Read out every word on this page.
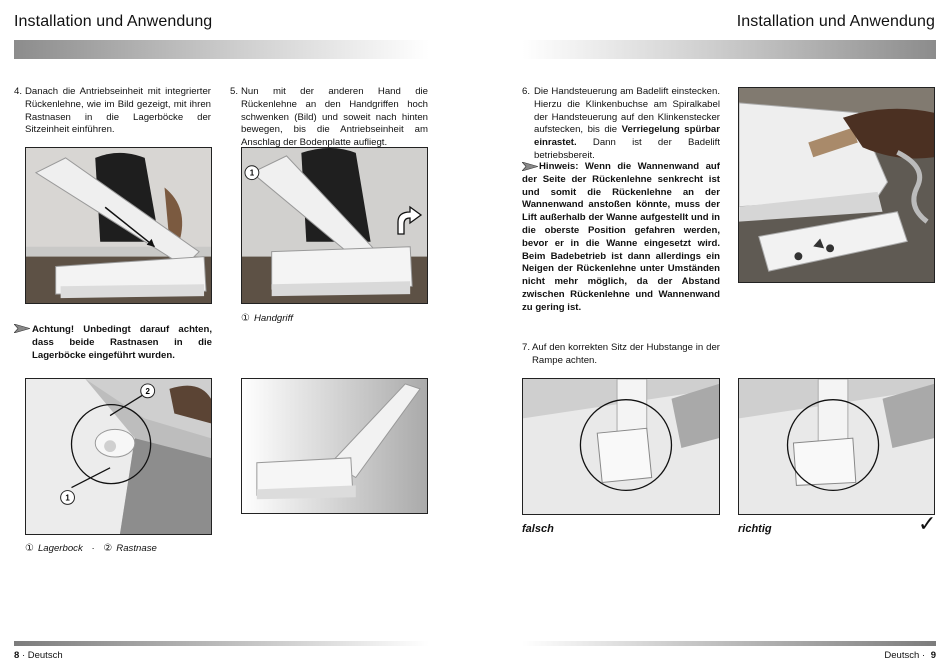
Installation und Anwendung
4. Danach die Antriebseinheit mit integrierter Rückenlehne, wie im Bild gezeigt, mit ihren Rastnasen in die Lagerböcke der Sitzeinheit einführen.
5. Nun mit der anderen Hand die Rückenlehne an den Handgriffen hoch schwenken (Bild) und soweit nach hinten bewegen, bis die Antriebseinheit am Anschlag der Bodenplatte aufliegt.
1
① Handgriff
Achtung! Unbedingt darauf achten, dass beide Rastnasen in die Lagerböcke eingeführt wurden.
2
1
① Lagerbock · ② Rastnase
8 · Deutsch
Installation und Anwendung
6. Die Handsteuerung am Badelift einstecken. Hierzu die Klinkenbuchse am Spiralkabel der Handsteuerung auf den Klinkenstecker aufstecken, bis die Verriegelung spürbar einrastet. Dann ist der Badelift betriebsbereit.
Hinweis: Wenn die Wannenwand auf der Seite der Rückenlehne senkrecht ist und somit die Rückenlehne an der Wannenwand anstoßen könnte, muss der Lift außerhalb der Wanne aufgestellt und in die oberste Position gefahren werden, bevor er in die Wanne eingesetzt wird. Beim Badebetrieb ist dann allerdings ein Neigen der Rückenlehne unter Umständen nicht mehr möglich, da der Abstand zwischen Rückenlehne und Wannenwand zu gering ist.
7. Auf den korrekten Sitz der Hubstange in der Rampe achten.
falsch	richtig	✓
Deutsch · 9
